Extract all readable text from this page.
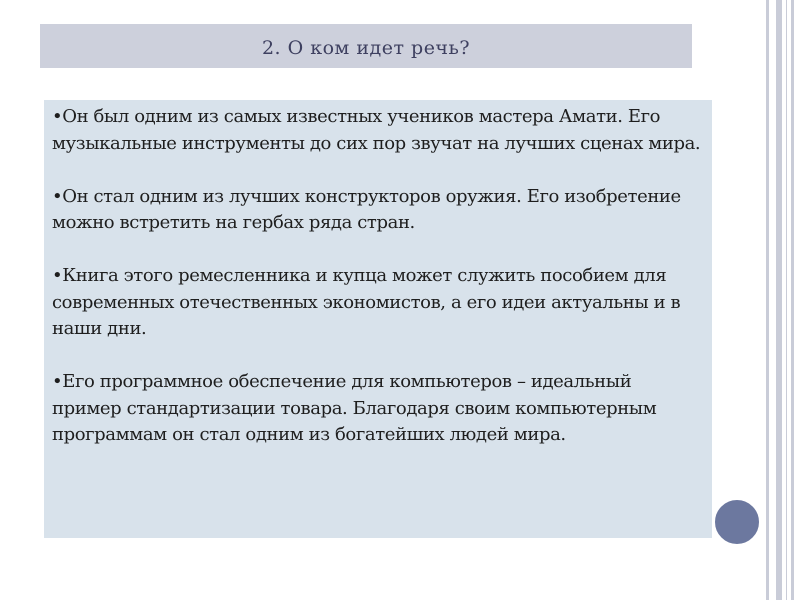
2. О ком идет речь?

•Он был одним из самых известных учеников мастера Амати. Его музыкальные инструменты до сих пор звучат на лучших сценах мира.

•Он стал одним из лучших конструкторов оружия. Его изобретение можно встретить на гербах ряда стран.

•Книга этого ремесленника и купца может служить пособием для современных отечественных экономистов, а его идеи актуальны и в наши дни.

•Его программное обеспечение для компьютеров – идеальный пример стандартизации товара. Благодаря своим компьютерным программам он стал одним из богатейших людей мира.
